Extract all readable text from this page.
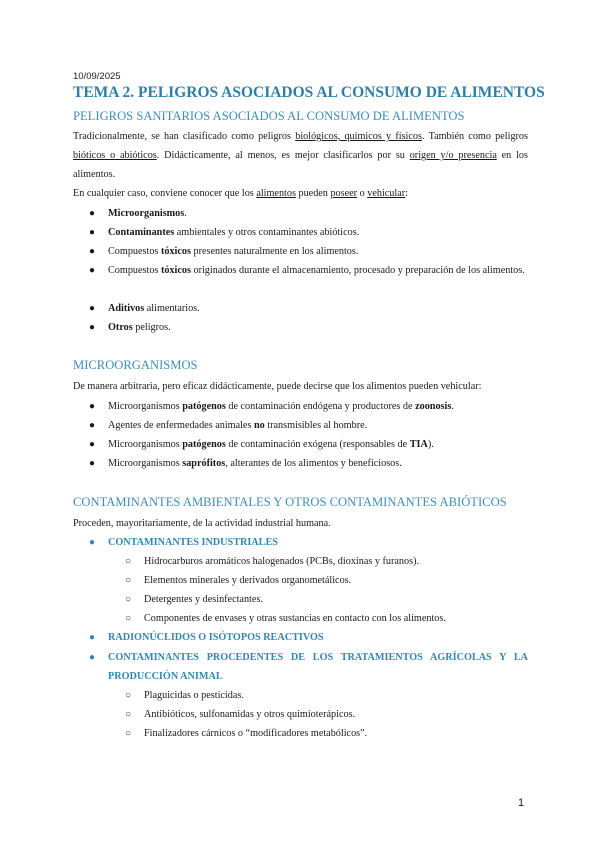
10/09/2025
TEMA 2. PELIGROS ASOCIADOS AL CONSUMO DE ALIMENTOS
PELIGROS SANITARIOS ASOCIADOS AL CONSUMO DE ALIMENTOS
Tradicionalmente, se han clasificado como peligros biológicos, químicos y físicos. También como peligros bióticos o abióticos. Didácticamente, al menos, es mejor clasificarlos por su origen y/o presencia en los alimentos.
En cualquier caso, conviene conocer que los alimentos pueden poseer o vehicular:
● Microorganismos.
● Contaminantes ambientales y otros contaminantes abióticos.
● Compuestos tóxicos presentes naturalmente en los alimentos.
● Compuestos tóxicos originados durante el almacenamiento, procesado y preparación de los alimentos.
● Aditivos alimentarios.
● Otros peligros.
MICROORGANISMOS
De manera arbitraria, pero eficaz didácticamente, puede decirse que los alimentos pueden vehicular:
● Microorganismos patógenos de contaminación endógena y productores de zoonosis.
● Agentes de enfermedades animales no transmisibles al hombre.
● Microorganismos patógenos de contaminación exógena (responsables de TIA).
● Microorganismos saprófitos, alterantes de los alimentos y beneficiosos.
CONTAMINANTES AMBIENTALES Y OTROS CONTAMINANTES ABIÓTICOS
Proceden, mayoritariamente, de la actividad industrial humana.
● CONTAMINANTES INDUSTRIALES
○ Hidrocarburos aromáticos halogenados (PCBs, dioxinas y furanos).
○ Elementos minerales y derivados organometálicos.
○ Detergentes y desinfectantes.
○ Componentes de envases y otras sustancias en contacto con los alimentos.
● RADIONÚCLIDOS O ISÓTOPOS REACTIVOS
● CONTAMINANTES PROCEDENTES DE LOS TRATAMIENTOS AGRÍCOLAS Y LA PRODUCCIÓN ANIMAL
○ Plaguicidas o pesticidas.
○ Antibióticos, sulfonamidas y otros quimioterápicos.
○ Finalizadores cárnicos o “modificadores metabólicos”.
1
